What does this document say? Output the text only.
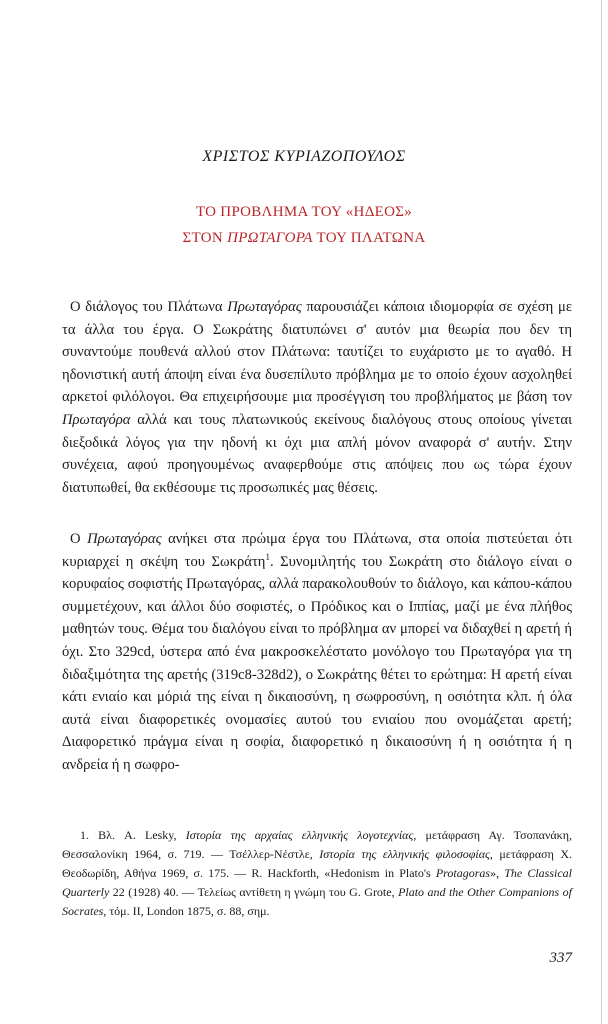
ΧΡΙΣΤΟΣ ΚΥΡΙΑΖΟΠΟΥΛΟΣ
ΤΟ ΠΡΟΒΛΗΜΑ ΤΟΥ «ΗΔΕΟΣ»
ΣΤΟΝ ΠΡΩΤΑΓΟΡΑ ΤΟΥ ΠΛΑΤΩΝΑ

Ο διάλογος του Πλάτωνα Πρωταγόρας παρουσιάζει κάποια ιδιομορφία σε σχέση με τα άλλα του έργα. Ο Σωκράτης διατυπώνει σ' αυτόν μια θεωρία που δεν τη συναντούμε πουθενά αλλού στον Πλάτωνα: ταυτίζει το ευχάριστο με το αγαθό. Η ηδονιστική αυτή άποψη είναι ένα δυσεπίλυτο πρόβλημα με το οποίο έχουν ασχοληθεί αρκετοί φιλόλογοι. Θα επιχειρήσουμε μια προσέγγιση του προβλήματος με βάση τον Πρωταγόρα αλλά και τους πλατωνικούς εκείνους διαλόγους στους οποίους γίνεται διεξοδικά λόγος για την ηδονή κι όχι μια απλή μόνον αναφορά σ' αυτήν. Στην συνέχεια, αφού προηγουμένως αναφερθούμε στις απόψεις που ως τώρα έχουν διατυπωθεί, θα εκθέσουμε τις προσωπικές μας θέσεις.

Ο Πρωταγόρας ανήκει στα πρώιμα έργα του Πλάτωνα, στα οποία πιστεύεται ότι κυριαρχεί η σκέψη του Σωκράτη$^1$. Συνομιλητής του Σωκράτη στο διάλογο είναι ο κορυφαίος σοφιστής Πρωταγόρας, αλλά παρακολουθούν το διάλογο, και κάπου-κάπου συμμετέχουν, και άλλοι δύο σοφιστές, ο Πρόδικος και ο Ιππίας, μαζί με ένα πλήθος μαθητών τους. Θέμα του διαλόγου είναι το πρόβλημα αν μπορεί να διδαχθεί η αρετή ή όχι. Στο 329cd, ύστερα από ένα μακροσκελέστατο μονόλογο του Πρωταγόρα για τη διδαξιμότητα της αρετής (319c8-328d2), ο Σωκράτης θέτει το ερώτημα: Η αρετή είναι κάτι ενιαίο και μόριά της είναι η δικαιοσύνη, η σωφροσύνη, η οσιότητα κλπ. ή όλα αυτά είναι διαφορετικές ονομασίες αυτού του ενιαίου που ονομάζεται αρετή; Διαφορετικό πράγμα είναι η σοφία, διαφορετικό η δικαιοσύνη ή η οσιότητα ή η ανδρεία ή η σωφρο-

1. Βλ. A. Lesky, Ιστορία της αρχαίας ελληνικής λογοτεχνίας, μετάφραση Αγ. Τσοπανάκη, Θεσσαλονίκη 1964, σ. 719. — Τσέλλερ-Νέστλε, Ιστορία της ελληνικής φιλοσοφίας, μετάφραση Χ. Θεοδωρίδη, Αθήνα 1969, σ. 175. — R. Hackforth, «Hedonism in Plato's Protagoras», The Classical Quarterly 22 (1928) 40. — Τελείως αντίθετη η γνώμη του G. Grote, Plato and the Other Companions of Socrates, τόμ. II, London 1875, σ. 88, σημ.
337
